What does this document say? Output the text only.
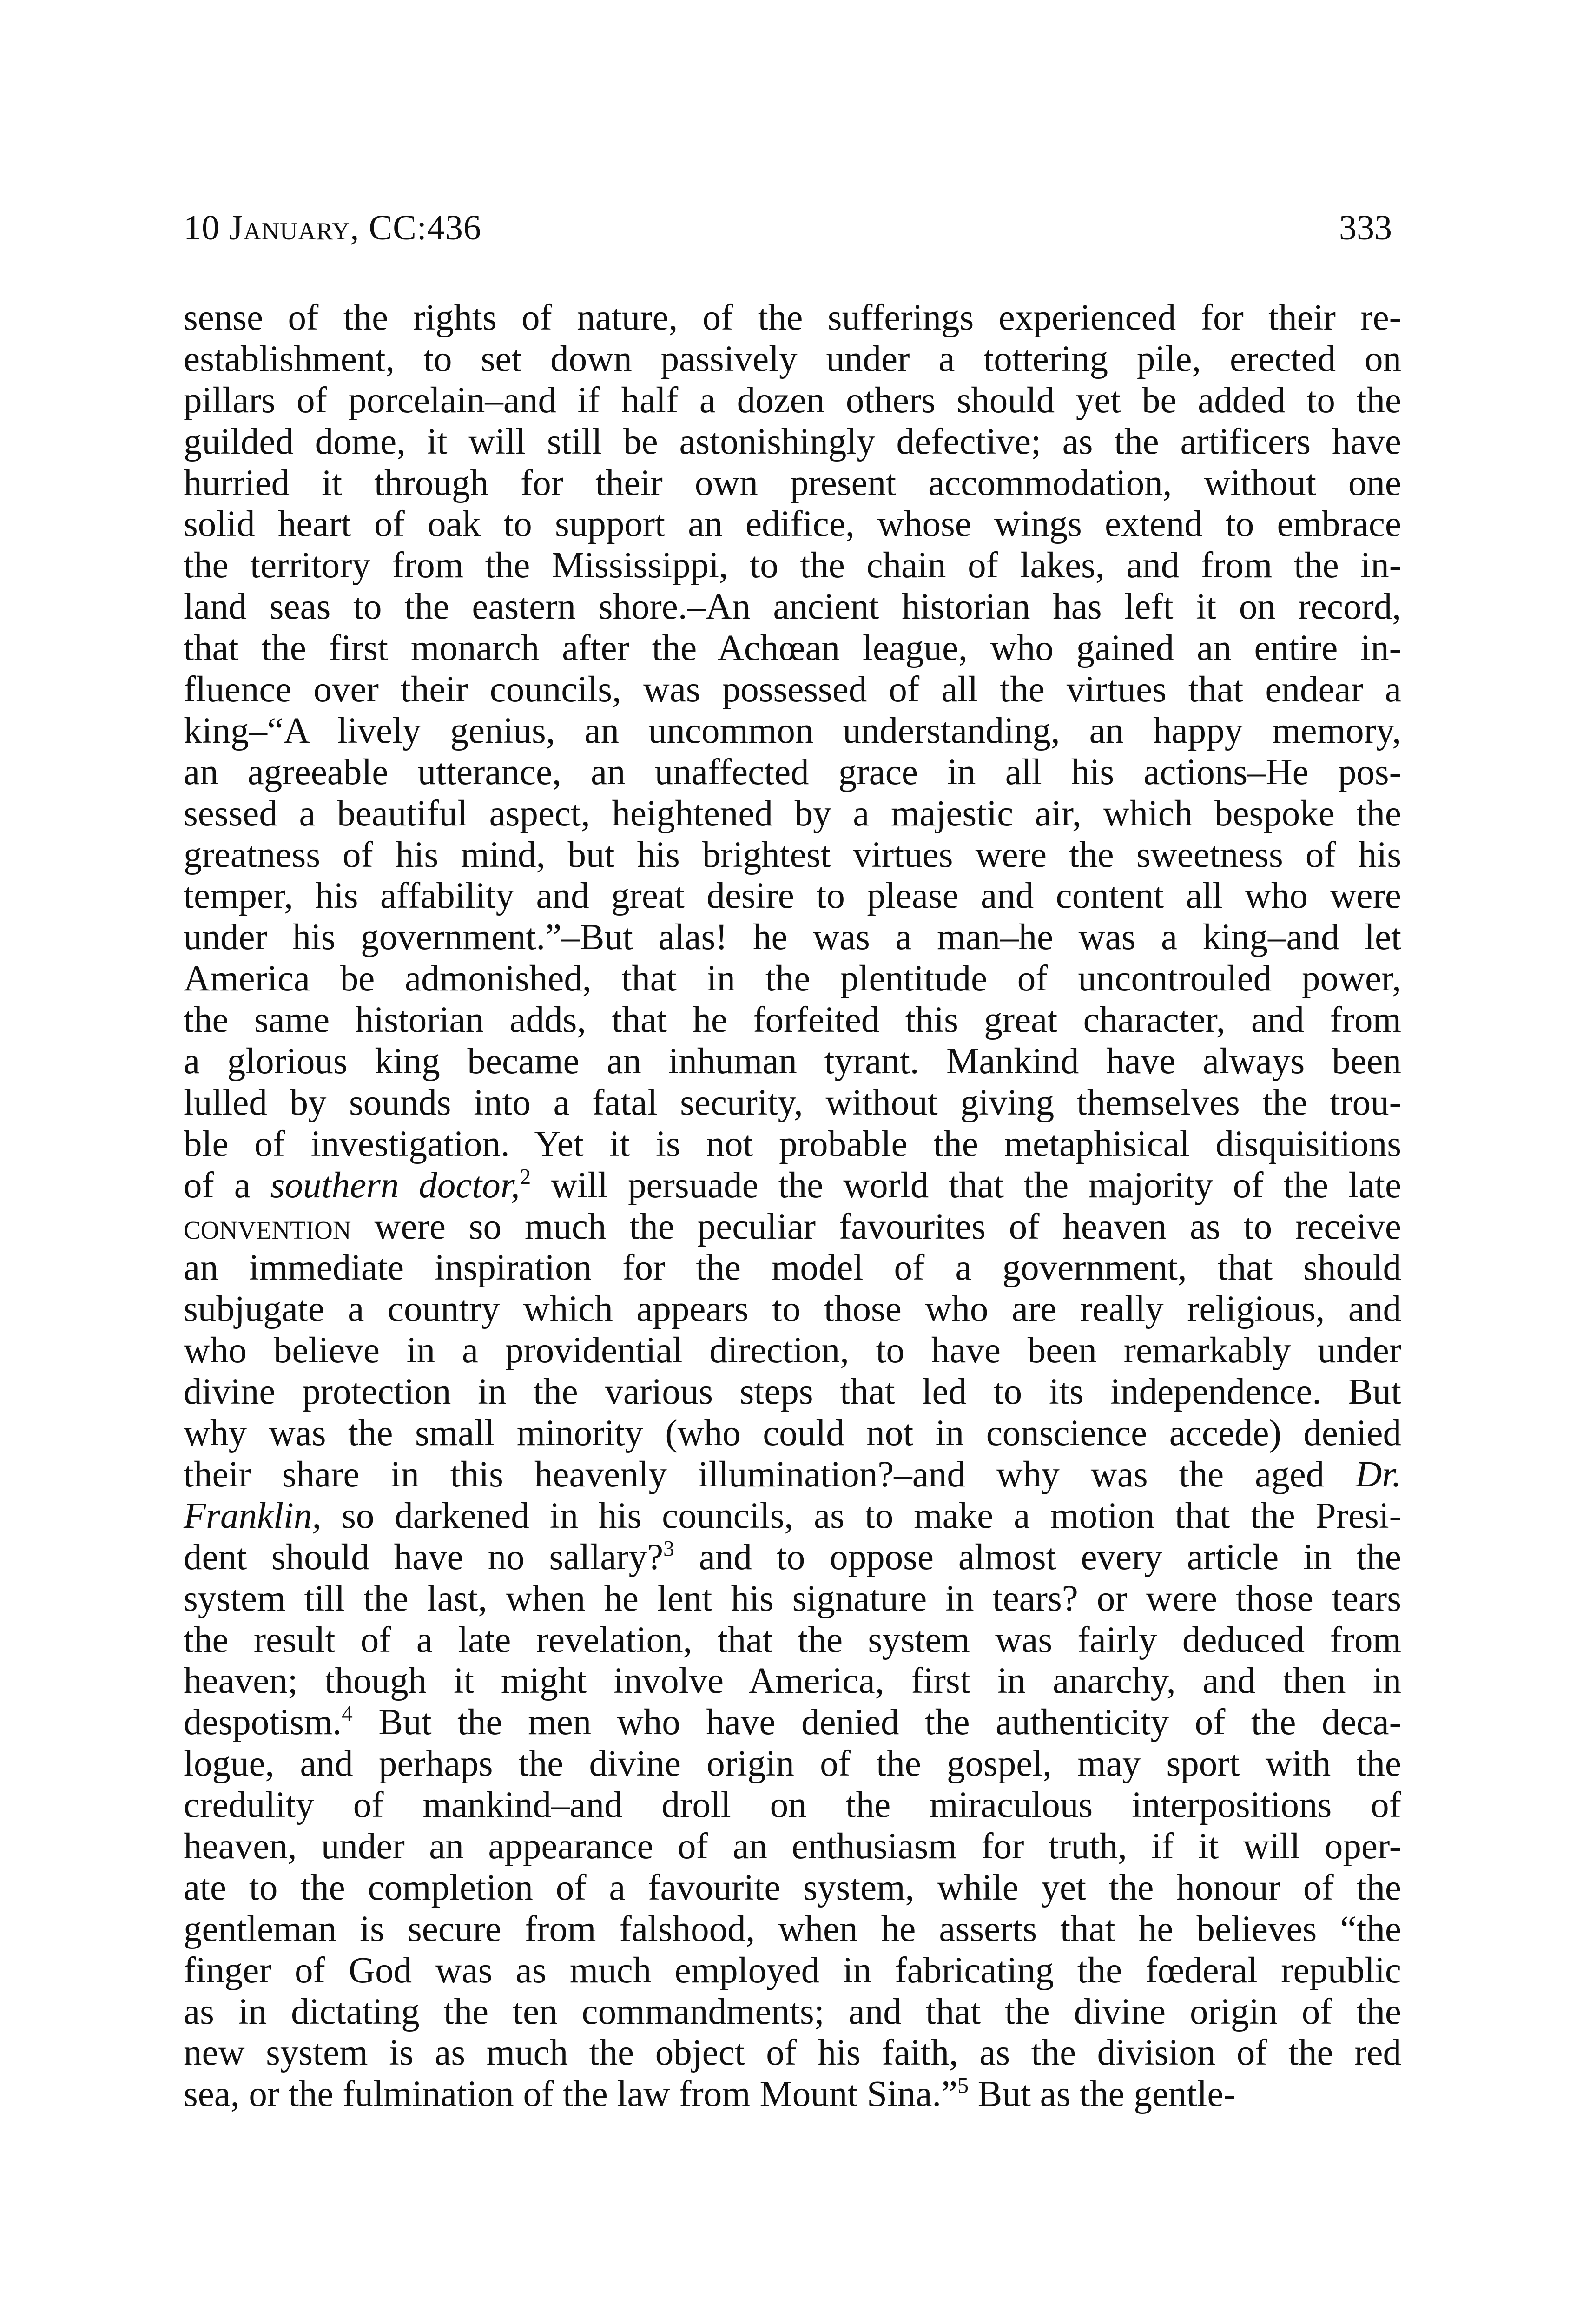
10 January, CC:436	333
sense of the rights of nature, of the sufferings experienced for their re-
establishment, to set down passively under a tottering pile, erected on
pillars of porcelain–and if half a dozen others should yet be added to the
guilded dome, it will still be astonishingly defective; as the artificers have
hurried it through for their own present accommodation, without one
solid heart of oak to support an edifice, whose wings extend to embrace
the territory from the Mississippi, to the chain of lakes, and from the in-
land seas to the eastern shore.–An ancient historian has left it on record,
that the first monarch after the Achœan league, who gained an entire in-
fluence over their councils, was possessed of all the virtues that endear a
king–“A lively genius, an uncommon understanding, an happy memory,
an agreeable utterance, an unaffected grace in all his actions–He pos-
sessed a beautiful aspect, heightened by a majestic air, which bespoke the
greatness of his mind, but his brightest virtues were the sweetness of his
temper, his affability and great desire to please and content all who were
under his government.”–But alas! he was a man–he was a king–and let
America be admonished, that in the plentitude of uncontrouled power,
the same historian adds, that he forfeited this great character, and from
a glorious king became an inhuman tyrant. Mankind have always been
lulled by sounds into a fatal security, without giving themselves the trou-
ble of investigation. Yet it is not probable the metaphisical disquisitions
of a southern doctor,$^2$ will persuade the world that the majority of the late
convention were so much the peculiar favourites of heaven as to receive
an immediate inspiration for the model of a government, that should
subjugate a country which appears to those who are really religious, and
who believe in a providential direction, to have been remarkably under
divine protection in the various steps that led to its independence. But
why was the small minority (who could not in conscience accede) denied
their share in this heavenly illumination?–and why was the aged Dr.
Franklin, so darkened in his councils, as to make a motion that the Presi-
dent should have no sallary?$^3$ and to oppose almost every article in the
system till the last, when he lent his signature in tears? or were those tears
the result of a late revelation, that the system was fairly deduced from
heaven; though it might involve America, first in anarchy, and then in
despotism.$^4$ But the men who have denied the authenticity of the deca-
logue, and perhaps the divine origin of the gospel, may sport with the
credulity of mankind–and droll on the miraculous interpositions of
heaven, under an appearance of an enthusiasm for truth, if it will oper-
ate to the completion of a favourite system, while yet the honour of the
gentleman is secure from falshood, when he asserts that he believes “the
finger of God was as much employed in fabricating the fœderal republic
as in dictating the ten commandments; and that the divine origin of the
new system is as much the object of his faith, as the division of the red
sea, or the fulmination of the law from Mount Sina.”$^5$ But as the gentle-
